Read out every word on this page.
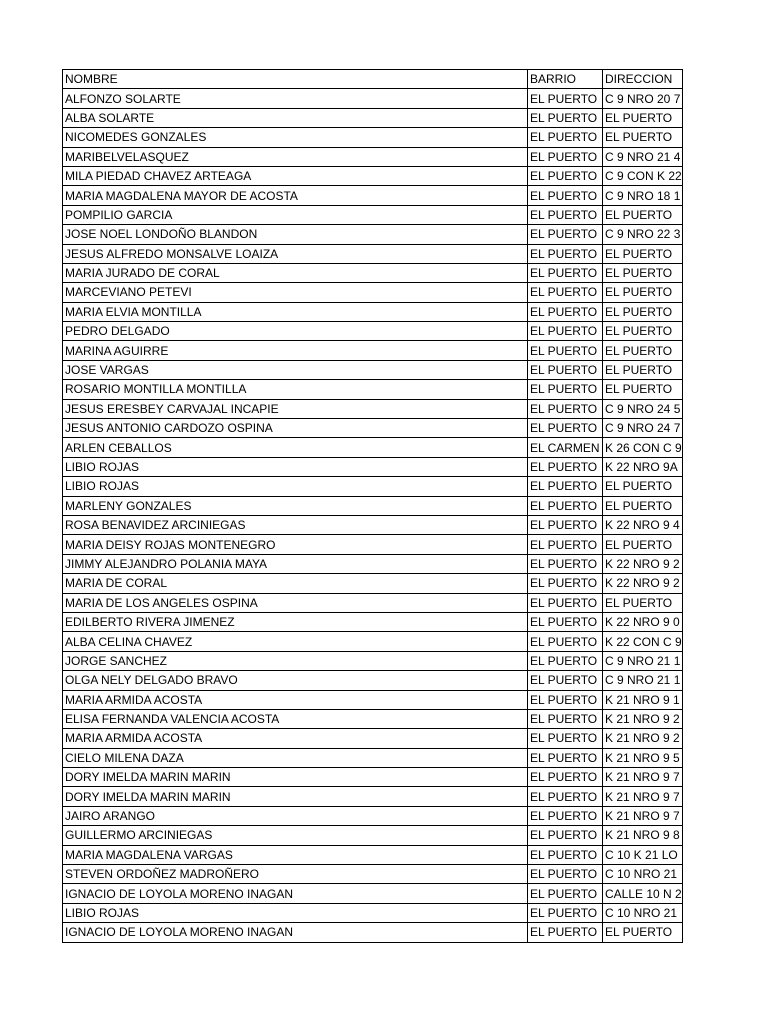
NOMBRE	BARRIO	DIRECCION

ALFONZO SOLARTE	EL PUERTO	C 9 NRO 20 7

ALBA SOLARTE	EL PUERTO	EL PUERTO

NICOMEDES GONZALES	EL PUERTO	EL PUERTO

MARIBELVELASQUEZ	EL PUERTO	C 9 NRO 21 4

MILA PIEDAD CHAVEZ ARTEAGA	EL PUERTO	C 9 CON K 22

MARIA MAGDALENA MAYOR DE ACOSTA	EL PUERTO	C 9 NRO 18 1

POMPILIO GARCIA	EL PUERTO	EL PUERTO

JOSE NOEL LONDOÑO BLANDON	EL PUERTO	C 9 NRO 22 3

JESUS ALFREDO MONSALVE LOAIZA	EL PUERTO	EL PUERTO

MARIA JURADO DE CORAL	EL PUERTO	EL PUERTO

MARCEVIANO PETEVI	EL PUERTO	EL PUERTO

MARIA ELVIA MONTILLA	EL PUERTO	EL PUERTO

PEDRO DELGADO	EL PUERTO	EL PUERTO

MARINA AGUIRRE	EL PUERTO	EL PUERTO

JOSE VARGAS	EL PUERTO	EL PUERTO

ROSARIO MONTILLA MONTILLA	EL PUERTO	EL PUERTO

JESUS ERESBEY CARVAJAL INCAPIE	EL PUERTO	C 9 NRO 24 5

JESUS ANTONIO CARDOZO OSPINA	EL PUERTO	C 9 NRO 24 7

ARLEN CEBALLOS	EL CARMEN	K 26 CON C 9

LIBIO ROJAS	EL PUERTO	K 22 NRO 9A

LIBIO ROJAS	EL PUERTO	EL PUERTO

MARLENY GONZALES	EL PUERTO	EL PUERTO

ROSA BENAVIDEZ ARCINIEGAS	EL PUERTO	K 22 NRO 9 4

MARIA DEISY ROJAS MONTENEGRO	EL PUERTO	EL PUERTO

JIMMY ALEJANDRO POLANIA MAYA	EL PUERTO	K 22 NRO 9 2

MARIA DE CORAL	EL PUERTO	K 22 NRO 9 2

MARIA DE LOS ANGELES OSPINA	EL PUERTO	EL PUERTO

EDILBERTO RIVERA JIMENEZ	EL PUERTO	K 22 NRO 9 0

ALBA CELINA CHAVEZ	EL PUERTO	K 22 CON C 9

JORGE SANCHEZ	EL PUERTO	C 9 NRO 21 1

OLGA NELY DELGADO BRAVO	EL PUERTO	C 9 NRO 21 1

MARIA ARMIDA ACOSTA	EL PUERTO	K 21 NRO 9 1

ELISA FERNANDA VALENCIA ACOSTA	EL PUERTO	K 21 NRO 9 2

MARIA ARMIDA ACOSTA	EL PUERTO	K 21 NRO 9 2

CIELO MILENA DAZA	EL PUERTO	K 21 NRO 9 5

DORY IMELDA MARIN MARIN	EL PUERTO	K 21 NRO 9 7

DORY IMELDA MARIN MARIN	EL PUERTO	K 21 NRO 9 7

JAIRO ARANGO	EL PUERTO	K 21 NRO 9 7

GUILLERMO ARCINIEGAS	EL PUERTO	K 21 NRO 9 8

MARIA MAGDALENA VARGAS	EL PUERTO	C 10 K 21 LO

STEVEN ORDOÑEZ MADROÑERO	EL PUERTO	C 10 NRO 21

IGNACIO DE LOYOLA MORENO INAGAN	EL PUERTO	CALLE 10 N 2

LIBIO ROJAS	EL PUERTO	C 10 NRO 21

IGNACIO DE LOYOLA MORENO INAGAN	EL PUERTO	EL PUERTO
